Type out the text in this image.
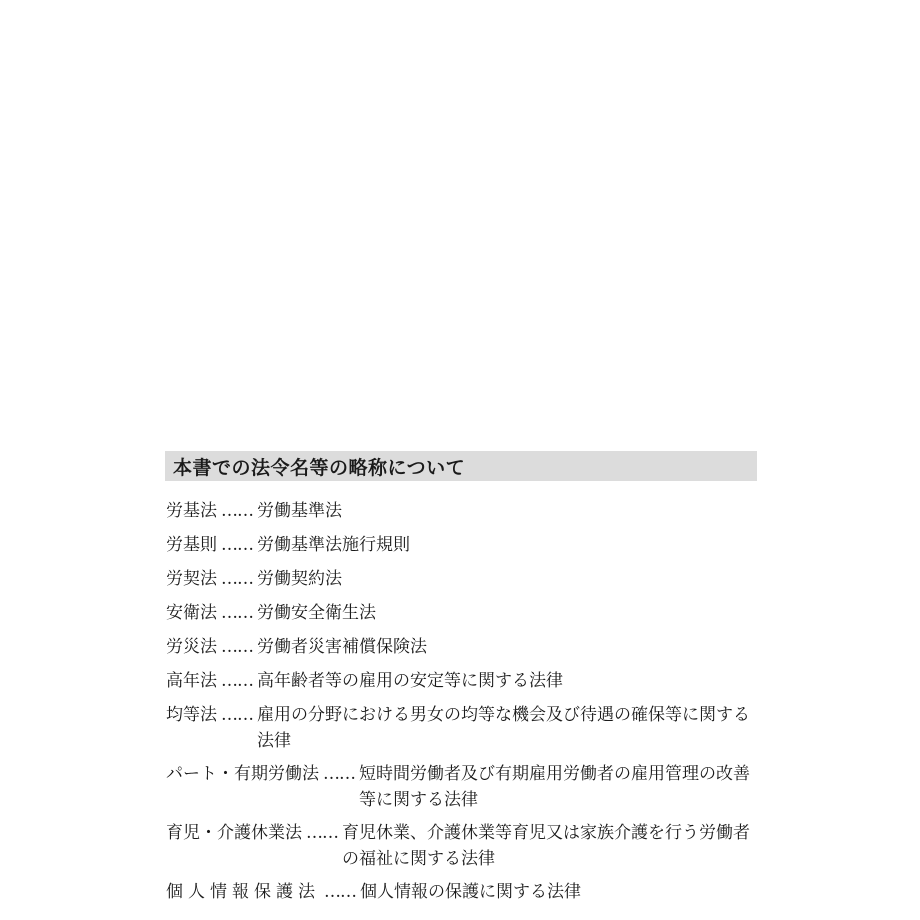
本書での法令名等の略称について
労基法 …… 労働基準法
労基則 …… 労働基準法施行規則
労契法 …… 労働契約法
安衛法 …… 労働安全衛生法
労災法 …… 労働者災害補償保険法
高年法 …… 高年齢者等の雇用の安定等に関する法律
均等法 …… 雇用の分野における男女の均等な機会及び待遇の確保等に関する法律
パート・有期労働法 …… 短時間労働者及び有期雇用労働者の雇用管理の改善等に関する法律
育児・介護休業法 …… 育児休業、介護休業等育児又は家族介護を行う労働者の福祉に関する法律
個人情報保護法 …… 個人情報の保護に関する法律
